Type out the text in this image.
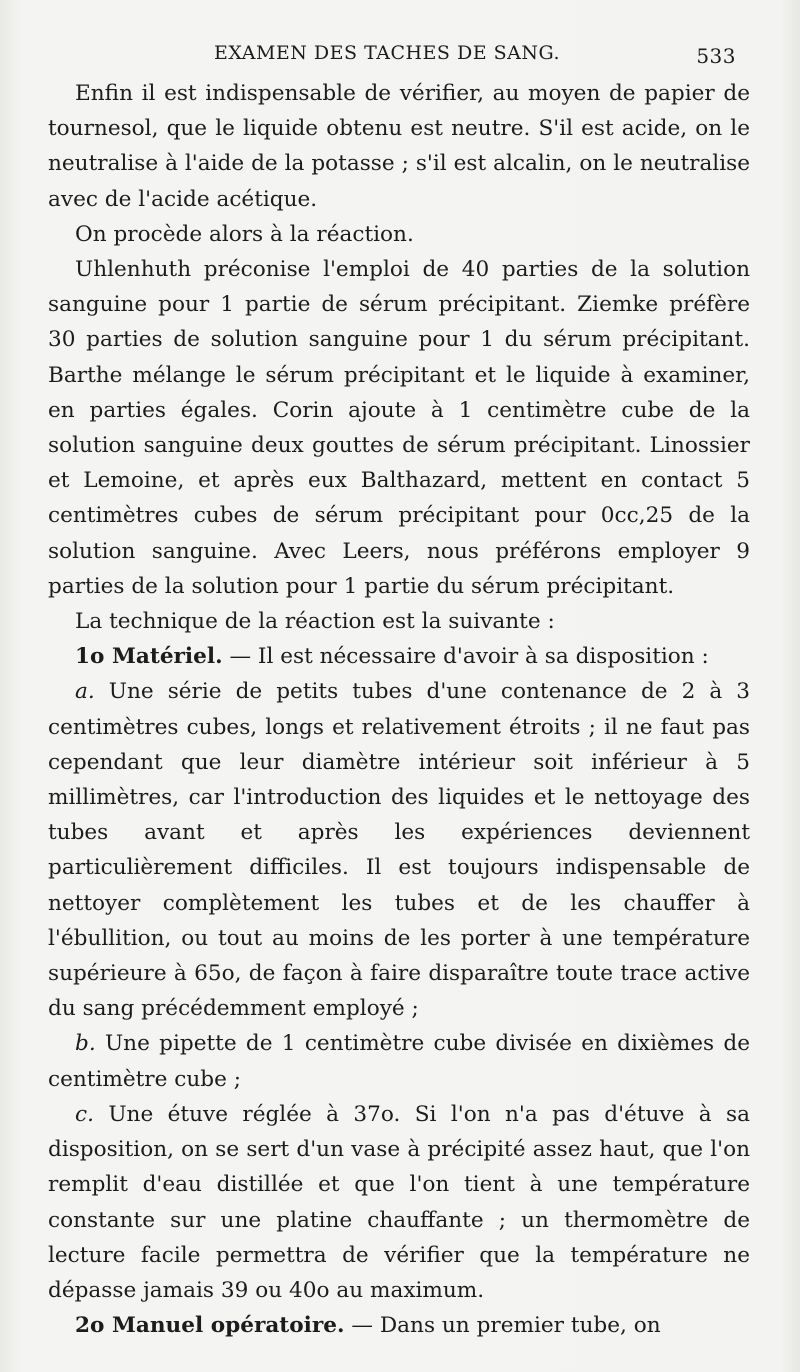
EXAMEN DES TACHES DE SANG.	533

Enfin il est indispensable de vérifier, au moyen de papier de tournesol, que le liquide obtenu est neutre. S'il est acide, on le neutralise à l'aide de la potasse ; s'il est alcalin, on le neutralise avec de l'acide acétique.

On procède alors à la réaction.

Uhlenhuth préconise l'emploi de 40 parties de la solution sanguine pour 1 partie de sérum précipitant. Ziemke préfère 30 parties de solution sanguine pour 1 du sérum précipitant. Barthe mélange le sérum précipitant et le liquide à examiner, en parties égales. Corin ajoute à 1 centimètre cube de la solution sanguine deux gouttes de sérum précipitant. Linossier et Lemoine, et après eux Balthazard, mettent en contact 5 centimètres cubes de sérum précipitant pour 0cc,25 de la solution sanguine. Avec Leers, nous préférons employer 9 parties de la solution pour 1 partie du sérum précipitant.

La technique de la réaction est la suivante :

1o Matériel. — Il est nécessaire d'avoir à sa disposition :

a. Une série de petits tubes d'une contenance de 2 à 3 centimètres cubes, longs et relativement étroits ; il ne faut pas cependant que leur diamètre intérieur soit inférieur à 5 millimètres, car l'introduction des liquides et le nettoyage des tubes avant et après les expériences deviennent particulièrement difficiles. Il est toujours indispensable de nettoyer complètement les tubes et de les chauffer à l'ébullition, ou tout au moins de les porter à une température supérieure à 65o, de façon à faire disparaître toute trace active du sang précédemment employé ;

b. Une pipette de 1 centimètre cube divisée en dixièmes de centimètre cube ;

c. Une étuve réglée à 37o. Si l'on n'a pas d'étuve à sa disposition, on se sert d'un vase à précipité assez haut, que l'on remplit d'eau distillée et que l'on tient à une température constante sur une platine chauffante ; un thermomètre de lecture facile permettra de vérifier que la température ne dépasse jamais 39 ou 40o au maximum.

2o Manuel opératoire. — Dans un premier tube, on
